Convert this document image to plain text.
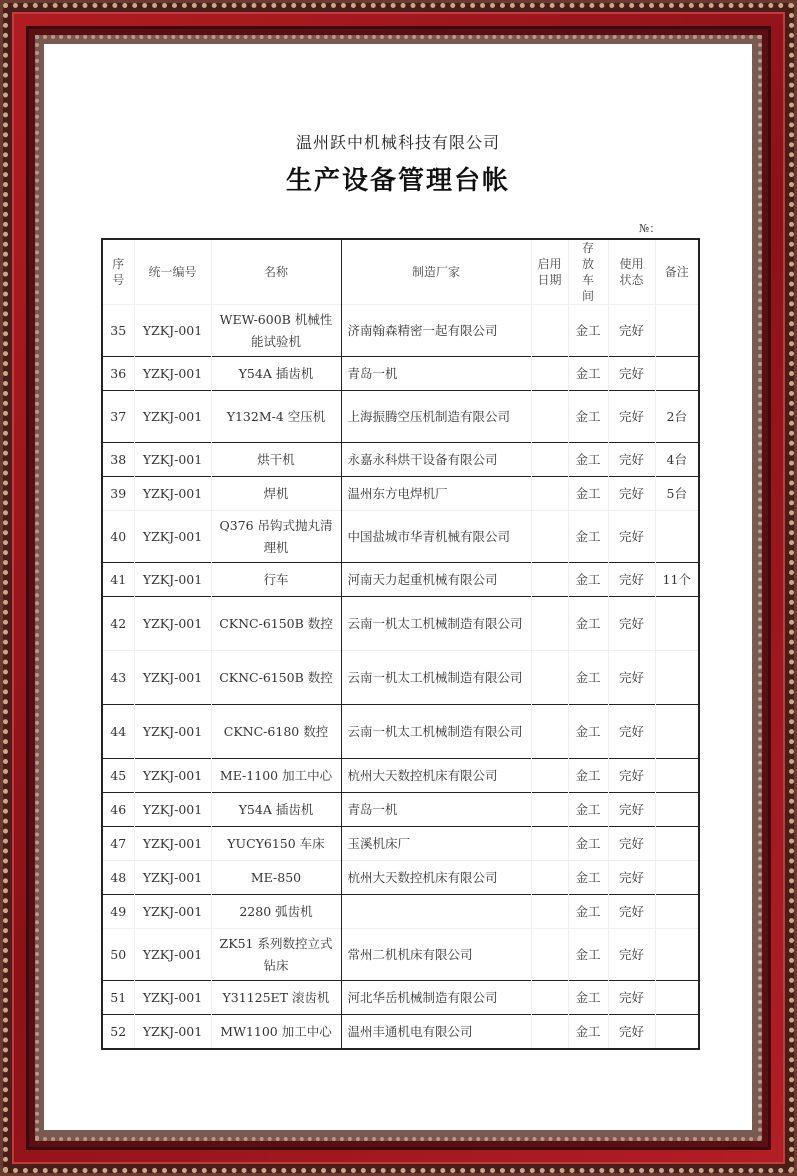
温州跃中机械科技有限公司
生产设备管理台帐
№：
序号	统一编号	名称	制造厂家	启用日期	存放车间	使用状态	备注
35	YZKJ-001	WEW-600B 机械性能试验机	济南翰森精密一起有限公司		金工	完好	
36	YZKJ-001	Y54A 插齿机	青岛一机		金工	完好	
37	YZKJ-001	Y132M-4 空压机	上海振腾空压机制造有限公司		金工	完好	2台
38	YZKJ-001	烘干机	永嘉永科烘干设备有限公司		金工	完好	4台
39	YZKJ-001	焊机	温州东方电焊机厂		金工	完好	5台
40	YZKJ-001	Q376 吊钩式抛丸清理机	中国盐城市华青机械有限公司		金工	完好	
41	YZKJ-001	行车	河南天力起重机械有限公司		金工	完好	11个
42	YZKJ-001	CKNC-6150B 数控	云南一机太工机械制造有限公司		金工	完好	
43	YZKJ-001	CKNC-6150B 数控	云南一机太工机械制造有限公司		金工	完好	
44	YZKJ-001	CKNC-6180 数控	云南一机太工机械制造有限公司		金工	完好	
45	YZKJ-001	ME-1100 加工中心	杭州大天数控机床有限公司		金工	完好	
46	YZKJ-001	Y54A 插齿机	青岛一机		金工	完好	
47	YZKJ-001	YUCY6150 车床	玉溪机床厂		金工	完好	
48	YZKJ-001	ME-850	杭州大天数控机床有限公司		金工	完好	
49	YZKJ-001	2280 弧齿机			金工	完好	
50	YZKJ-001	ZK51 系列数控立式钻床	常州二机机床有限公司		金工	完好	
51	YZKJ-001	Y31125ET 滚齿机	河北华岳机械制造有限公司		金工	完好	
52	YZKJ-001	MW1100 加工中心	温州丰通机电有限公司		金工	完好	
